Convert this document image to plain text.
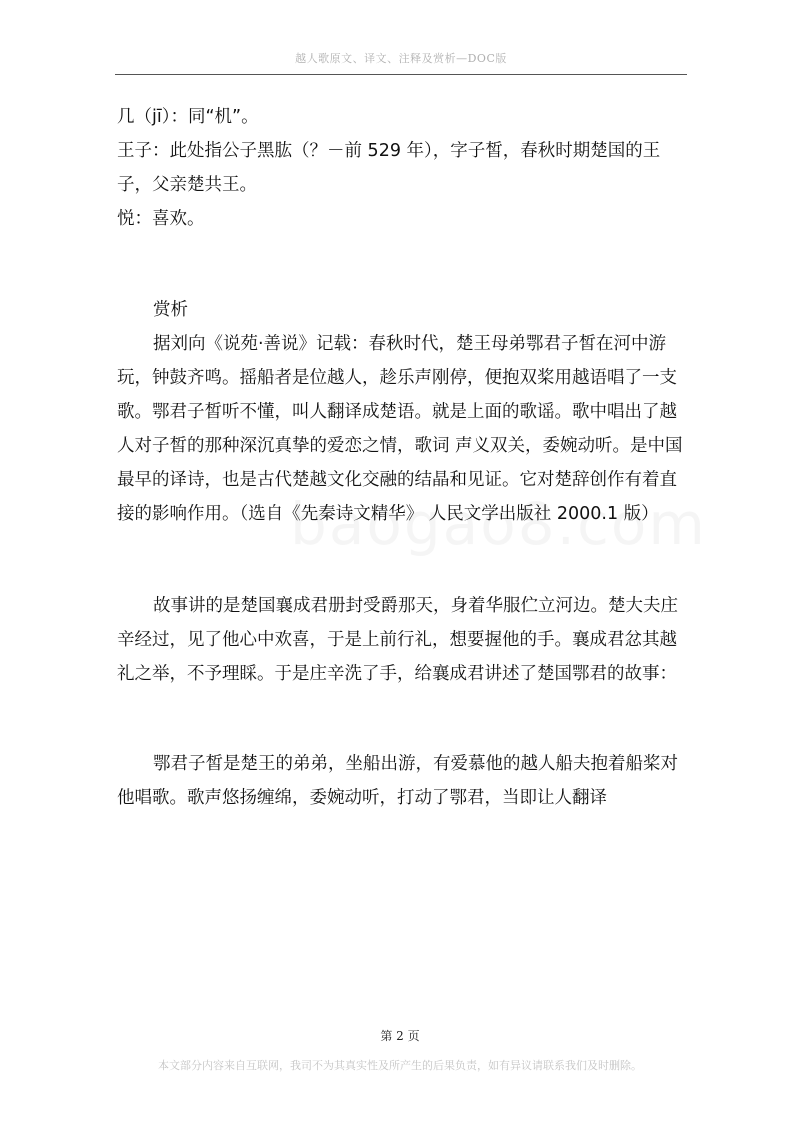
越人歌原文、译文、注释及赏析—DOC版

几（jī）：同“机”。

王子：此处指公子黑肱（？－前 529 年），字子皙，春秋时期楚国的王子，父亲楚共王。

悦：喜欢。

赏析

据刘向《说苑·善说》记载：春秋时代，楚王母弟鄂君子皙在河中游玩，钟鼓齐鸣。摇船者是位越人，趁乐声刚停，便抱双桨用越语唱了一支歌。鄂君子皙听不懂，叫人翻译成楚语。就是上面的歌谣。歌中唱出了越人对子皙的那种深沉真挚的爱恋之情，歌词 声义双关，委婉动听。是中国最早的译诗，也是古代楚越文化交融的结晶和见证。它对楚辞创作有着直接的影响作用。（选自《先秦诗文精华》 人民文学出版社 2000.1 版）

故事讲的是楚国襄成君册封受爵那天，身着华服伫立河边。楚大夫庄辛经过，见了他心中欢喜，于是上前行礼，想要握他的手。襄成君忿其越礼之举，不予理睬。于是庄辛洗了手，给襄成君讲述了楚国鄂君的故事：

鄂君子皙是楚王的弟弟，坐船出游，有爱慕他的越人船夫抱着船桨对他唱歌。歌声悠扬缠绵，委婉动听，打动了鄂君，当即让人翻译

第 2 页
本文部分内容来自互联网，我司不为其真实性及所产生的后果负责，如有异议请联系我们及时删除。
